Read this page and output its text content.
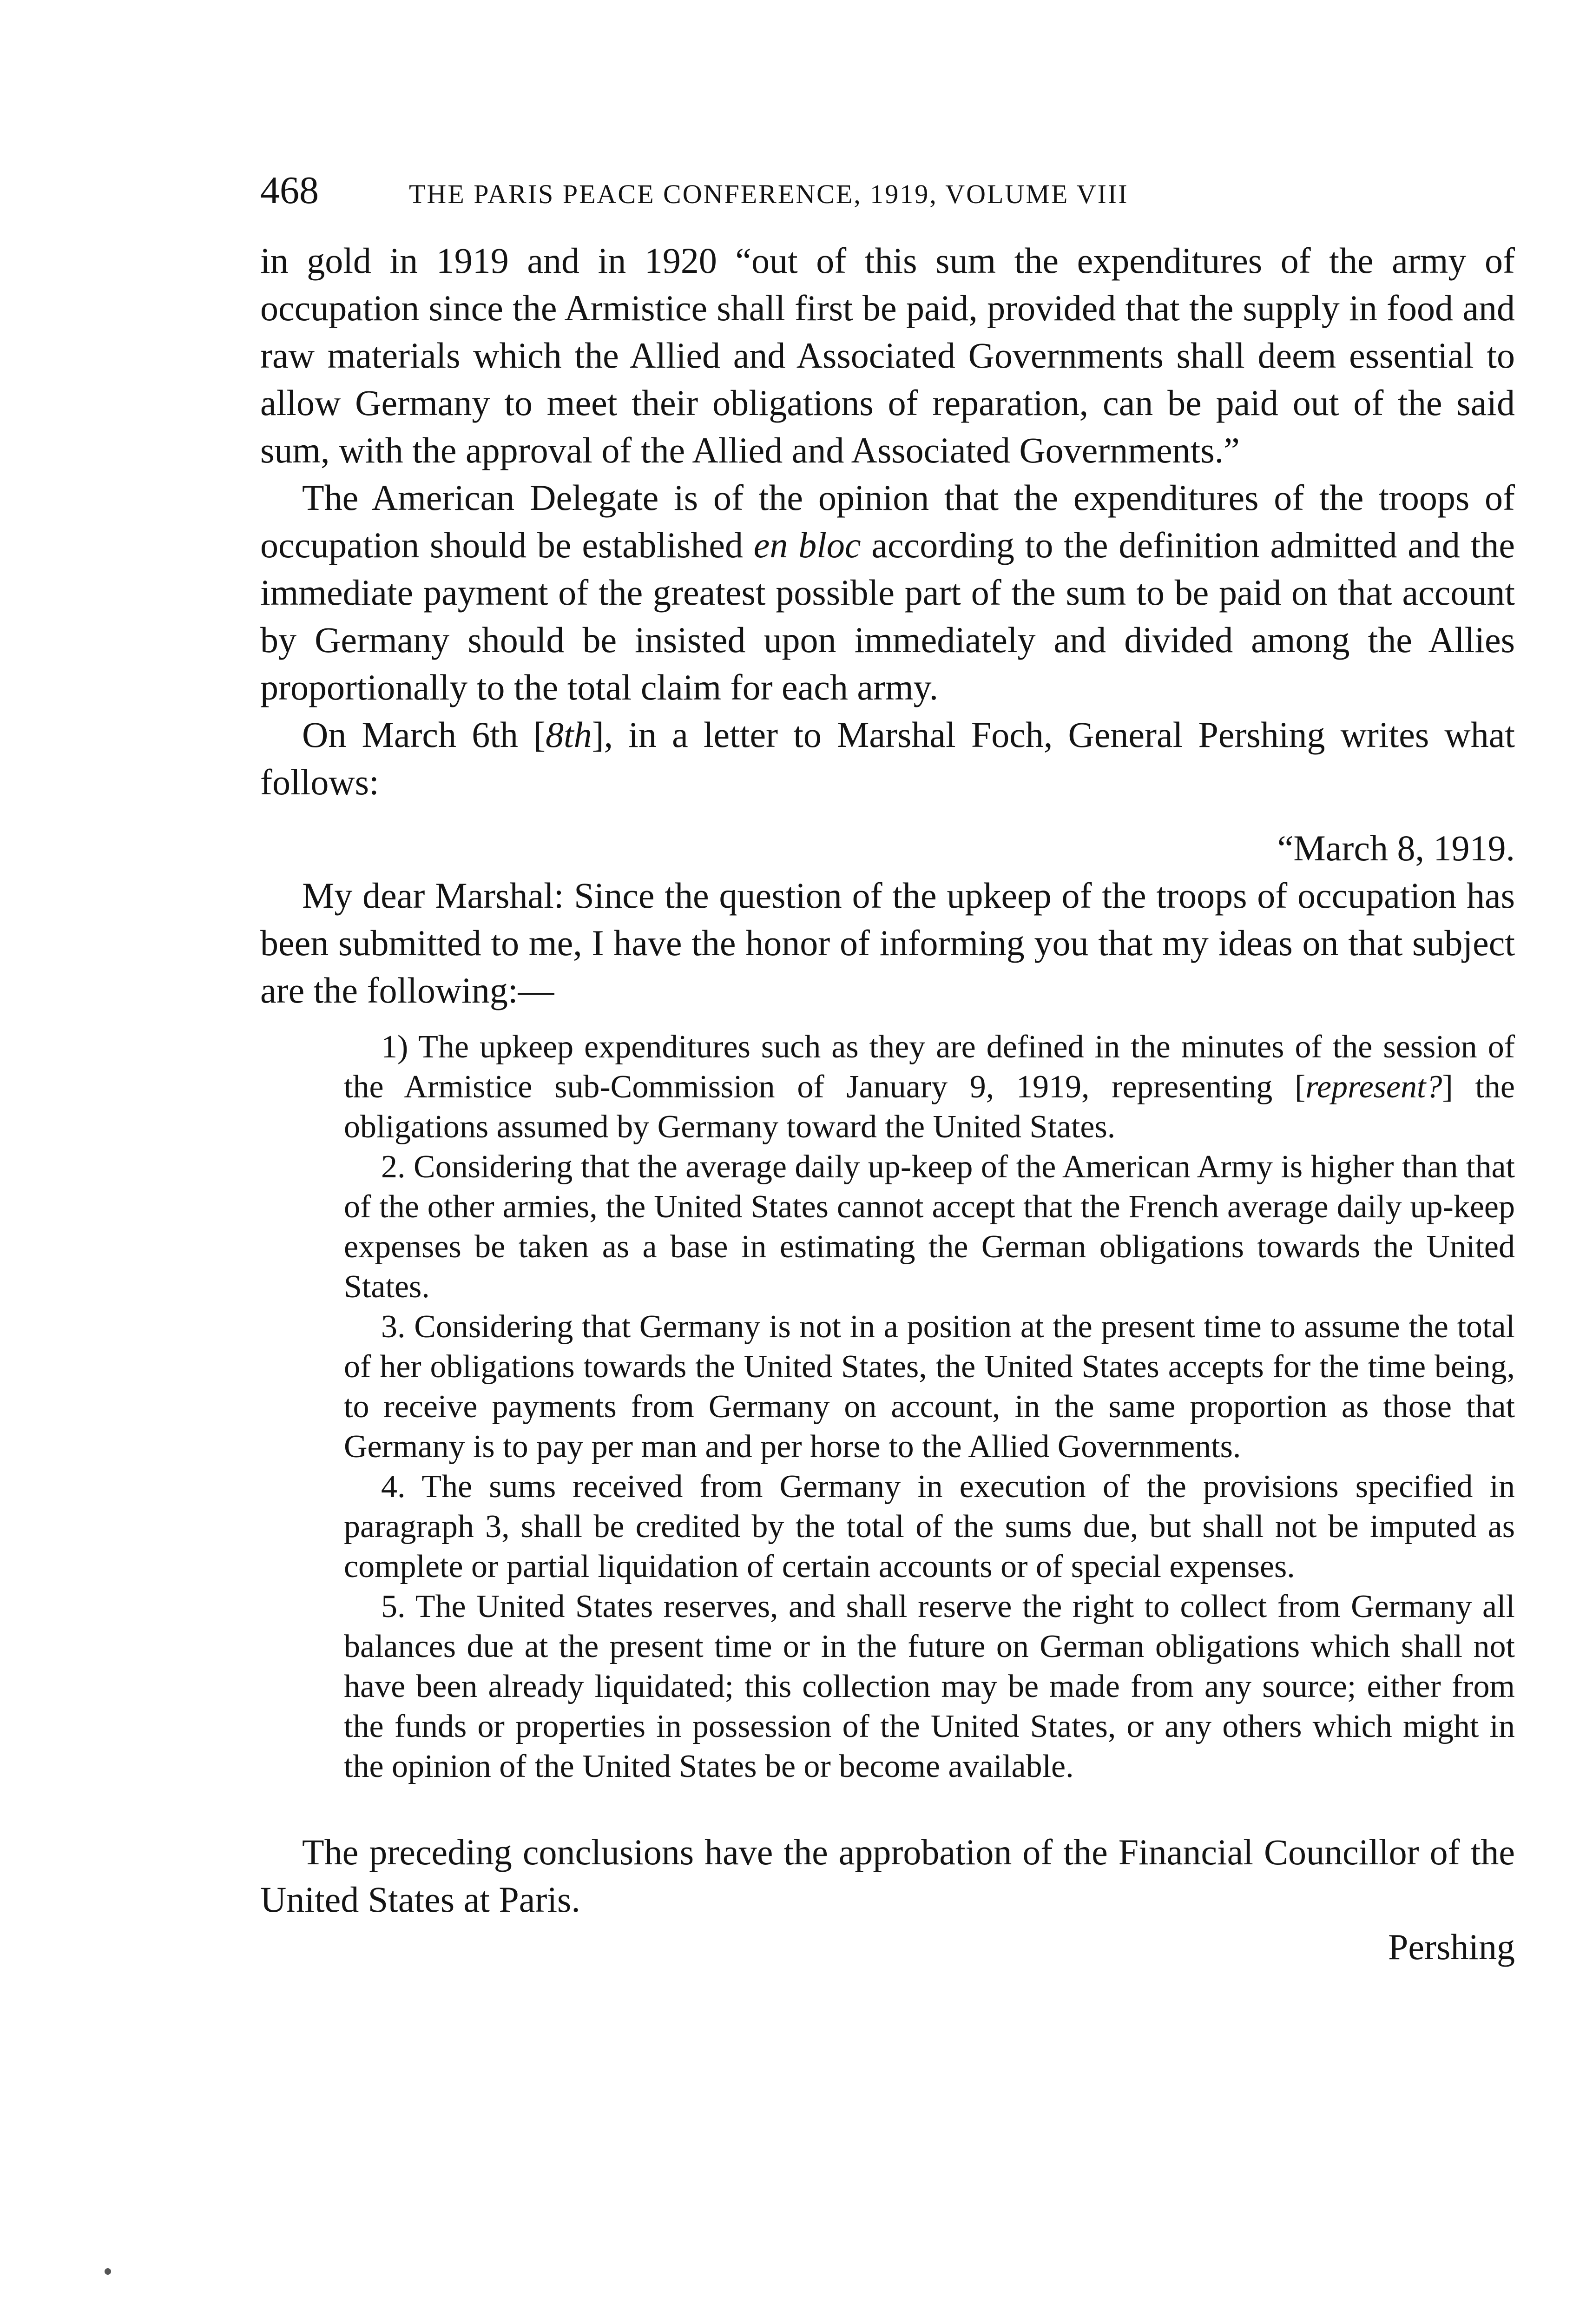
468	THE PARIS PEACE CONFERENCE, 1919, VOLUME VIII

in gold in 1919 and in 1920 “out of this sum the expenditures of the army of occupation since the Armistice shall first be paid, provided that the supply in food and raw materials which the Allied and Associated Governments shall deem essential to allow Germany to meet their obligations of reparation, can be paid out of the said sum, with the approval of the Allied and Associated Governments.”

The American Delegate is of the opinion that the expenditures of the troops of occupation should be established en bloc according to the definition admitted and the immediate payment of the greatest possible part of the sum to be paid on that account by Germany should be insisted upon immediately and divided among the Allies proportionally to the total claim for each army.

On March 6th [8th], in a letter to Marshal Foch, General Pershing writes what follows:

“March 8, 1919.

My dear Marshal: Since the question of the upkeep of the troops of occupation has been submitted to me, I have the honor of informing you that my ideas on that subject are the following:—

1) The upkeep expenditures such as they are defined in the minutes of the session of the Armistice sub-Commission of January 9, 1919, representing [represent?] the obligations assumed by Germany toward the United States.

2. Considering that the average daily up-keep of the American Army is higher than that of the other armies, the United States cannot accept that the French average daily up-keep expenses be taken as a base in estimating the German obligations towards the United States.

3. Considering that Germany is not in a position at the present time to assume the total of her obligations towards the United States, the United States accepts for the time being, to receive payments from Germany on account, in the same proportion as those that Germany is to pay per man and per horse to the Allied Governments.

4. The sums received from Germany in execution of the provisions specified in paragraph 3, shall be credited by the total of the sums due, but shall not be imputed as complete or partial liquidation of certain accounts or of special expenses.

5. The United States reserves, and shall reserve the right to collect from Germany all balances due at the present time or in the future on German obligations which shall not have been already liquidated; this collection may be made from any source; either from the funds or properties in possession of the United States, or any others which might in the opinion of the United States be or become available.

The preceding conclusions have the approbation of the Financial Councillor of the United States at Paris.

Pershing
